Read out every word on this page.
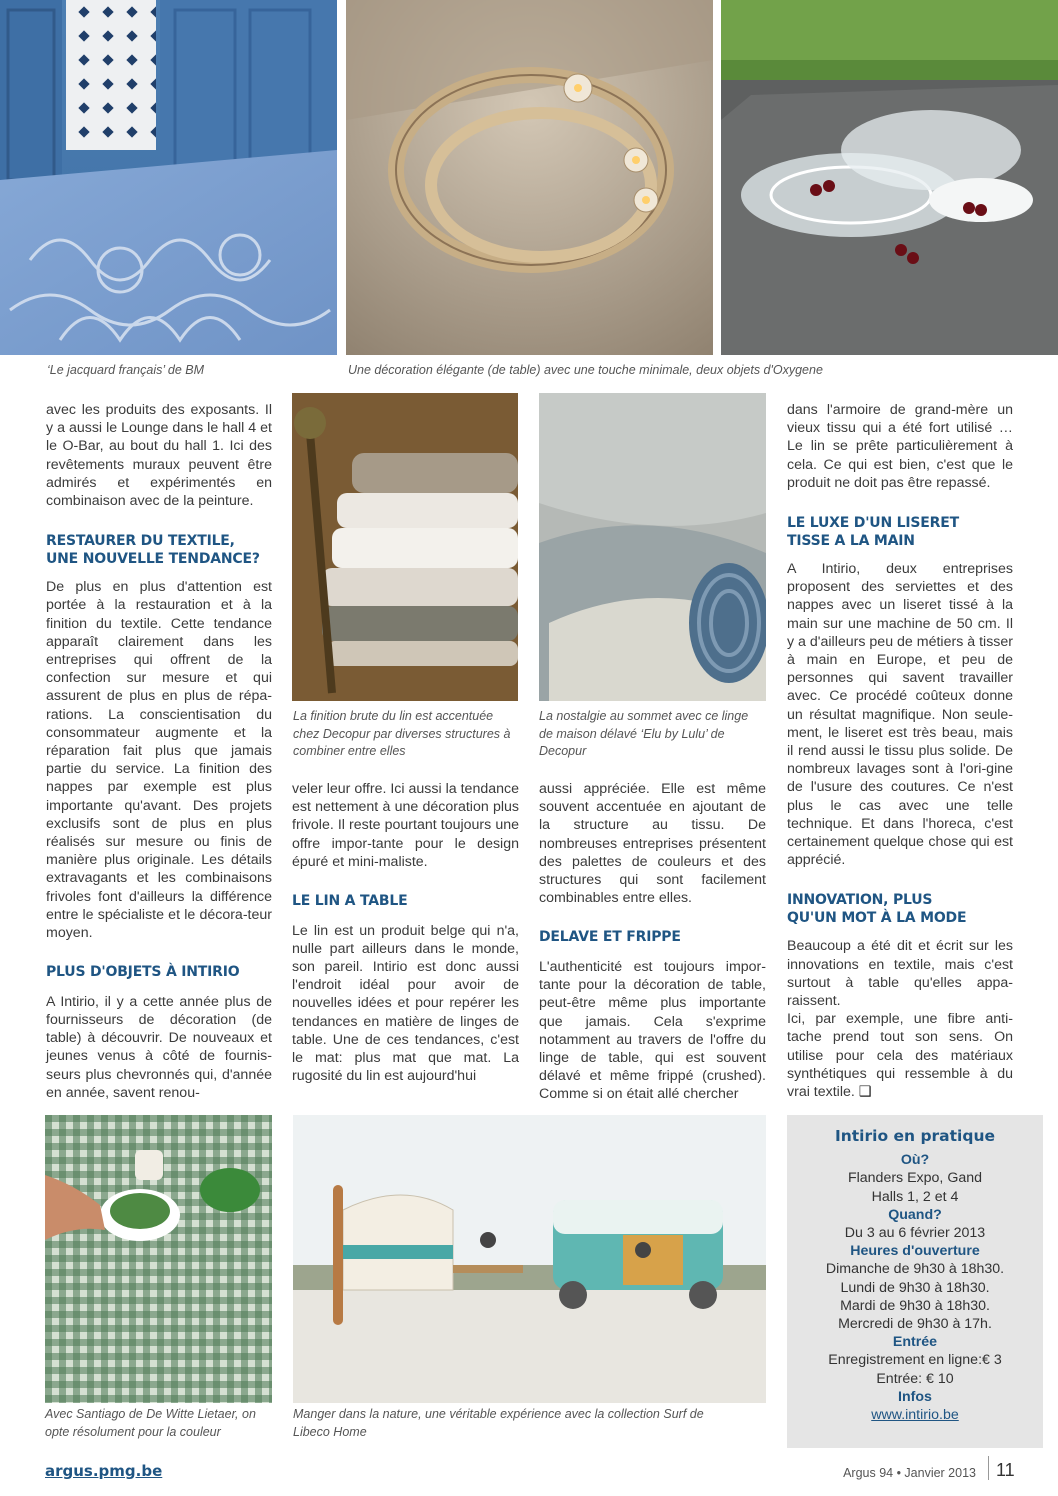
‘Le jacquard français’ de BM	Une décoration élégante (de table) avec une touche minimale, deux objets d'Oxygene

avec les produits des exposants. Il y a aussi le Lounge dans le hall 4 et le O-Bar, au bout du hall 1. Ici des revêtements muraux peuvent être admirés et expérimentés en combinaison avec de la peinture.

RESTAURER DU TEXTILE,
UNE NOUVELLE TENDANCE?

De plus en plus d'attention est portée à la restauration et à la finition du textile. Cette tendance apparaît clairement dans les entreprises qui offrent de la confection sur mesure et qui assurent de plus en plus de répa-rations. La conscientisation du consommateur augmente et la réparation fait plus que jamais partie du service. La finition des nappes par exemple est plus importante qu'avant. Des projets exclusifs sont de plus en plus réalisés sur mesure ou finis de manière plus originale. Les détails extravagants et les combinaisons frivoles font d'ailleurs la différence entre le spécialiste et le décora-teur moyen.

PLUS D'OBJETS À INTIRIO

A Intirio, il y a cette année plus de fournisseurs de décoration (de table) à découvrir. De nouveaux et jeunes venus à côté de fournis-seurs plus chevronnés qui, d'année en année, savent renou-

La finition brute du lin est accentuée chez Decopur par diverses structures à combiner entre elles

veler leur offre. Ici aussi la tendance est nettement à une décoration plus frivole. Il reste pourtant toujours une offre impor-tante pour le design épuré et mini-maliste.

LE LIN A TABLE

Le lin est un produit belge qui n'a, nulle part ailleurs dans le monde, son pareil. Intirio est donc aussi l'endroit idéal pour avoir de nouvelles idées et pour repérer les tendances en matière de linges de table. Une de ces tendances, c'est le mat: plus mat que mat. La rugosité du lin est aujourd'hui

La nostalgie au sommet avec ce linge de maison délavé ‘Elu by Lulu’ de Decopur

aussi appréciée. Elle est même souvent accentuée en ajoutant de la structure au tissu. De nombreuses entreprises présentent des palettes de couleurs et des structures qui sont facilement combinables entre elles.

DELAVE ET FRIPPE

L'authenticité est toujours impor-tante pour la décoration de table, peut-être même plus importante que jamais. Cela s'exprime notamment au travers de l'offre du linge de table, qui est souvent délavé et même frippé (crushed). Comme si on était allé chercher

dans l'armoire de grand-mère un vieux tissu qui a été fort utilisé … Le lin se prête particulièrement à cela. Ce qui est bien, c'est que le produit ne doit pas être repassé.

LE LUXE D'UN LISERET
TISSE A LA MAIN

A Intirio, deux entreprises proposent des serviettes et des nappes avec un liseret tissé à la main sur une machine de 50 cm. Il y a d'ailleurs peu de métiers à tisser à main en Europe, et peu de personnes qui savent travailler avec. Ce procédé coûteux donne un résultat magnifique. Non seule-ment, le liseret est très beau, mais il rend aussi le tissu plus solide. De nombreux lavages sont à l'ori-gine de l'usure des coutures. Ce n'est plus le cas avec une telle technique. Et dans l'horeca, c'est certainement quelque chose qui est apprécié.

INNOVATION, PLUS
QU'UN MOT À LA MODE

Beaucoup a été dit et écrit sur les innovations en textile, mais c'est surtout à table qu'elles appa-raissent.

Ici, par exemple, une fibre anti-tache prend tout son sens. On utilise pour cela des matériaux synthétiques qui ressemble à du vrai textile. ❑

Avec Santiago de De Witte Lietaer, on opte résolument pour la couleur
Manger dans la nature, une véritable expérience avec la collection Surf de Libeco Home
Intirio en pratique
Où?
Flanders Expo, Gand
Halls 1, 2 et 4
Quand?
Du 3 au 6 février 2013
Heures d'ouverture
Dimanche de 9h30 à 18h30.
Lundi de 9h30 à 18h30.
Mardi de 9h30 à 18h30.
Mercredi de 9h30 à 17h.
Entrée
Enregistrement en ligne:€ 3
Entrée: € 10
Infos
www.intirio.be
argus.pmg.be	Argus 94 • Janvier 2013 11
